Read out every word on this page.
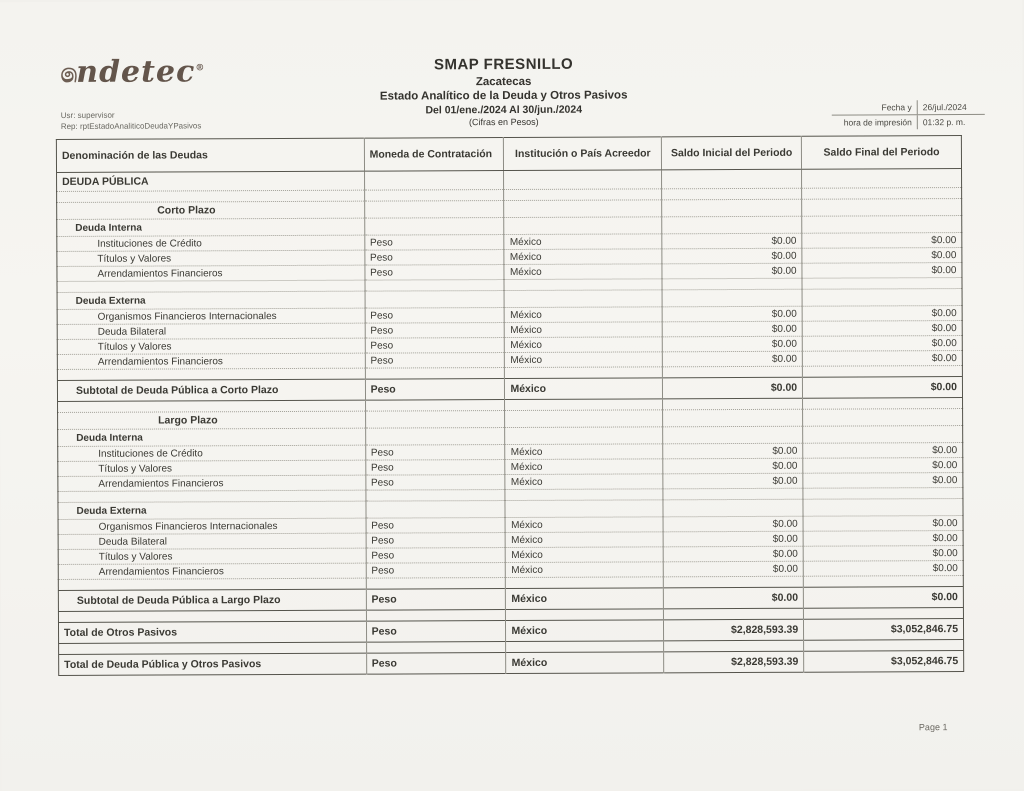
෧ndetec®
Usr: supervisor
Rep: rptEstadoAnaliticoDeudaYPasivos
SMAP FRESNILLO
Zacatecas
Estado Analítico de la Deuda y Otros Pasivos
Del 01/ene./2024 Al 30/jun./2024
(Cifras en Pesos)
Fecha y	26/jul./2024
hora de impresión	01:32 p. m.
Denominación de las Deudas	Moneda de Contratación	Institución o País Acreedor	Saldo Inicial del Periodo	Saldo Final del Periodo
DEUDA PÚBLICA				

Corto Plazo				
Deuda Interna				
Instituciones de Crédito	Peso	México	$0.00	$0.00
Títulos y Valores	Peso	México	$0.00	$0.00
Arrendamientos Financieros	Peso	México	$0.00	$0.00

Deuda Externa				
Organismos Financieros Internacionales	Peso	México	$0.00	$0.00
Deuda Bilateral	Peso	México	$0.00	$0.00
Títulos y Valores	Peso	México	$0.00	$0.00
Arrendamientos Financieros	Peso	México	$0.00	$0.00

Subtotal de Deuda Pública a Corto Plazo	Peso	México	$0.00	$0.00

Largo Plazo				
Deuda Interna				
Instituciones de Crédito	Peso	México	$0.00	$0.00
Títulos y Valores	Peso	México	$0.00	$0.00
Arrendamientos Financieros	Peso	México	$0.00	$0.00

Deuda Externa				
Organismos Financieros Internacionales	Peso	México	$0.00	$0.00
Deuda Bilateral	Peso	México	$0.00	$0.00
Títulos y Valores	Peso	México	$0.00	$0.00
Arrendamientos Financieros	Peso	México	$0.00	$0.00

Subtotal de Deuda Pública a Largo Plazo	Peso	México	$0.00	$0.00

Total de Otros Pasivos	Peso	México	$2,828,593.39	$3,052,846.75

Total de Deuda Pública y Otros Pasivos	Peso	México	$2,828,593.39	$3,052,846.75
Page 1
